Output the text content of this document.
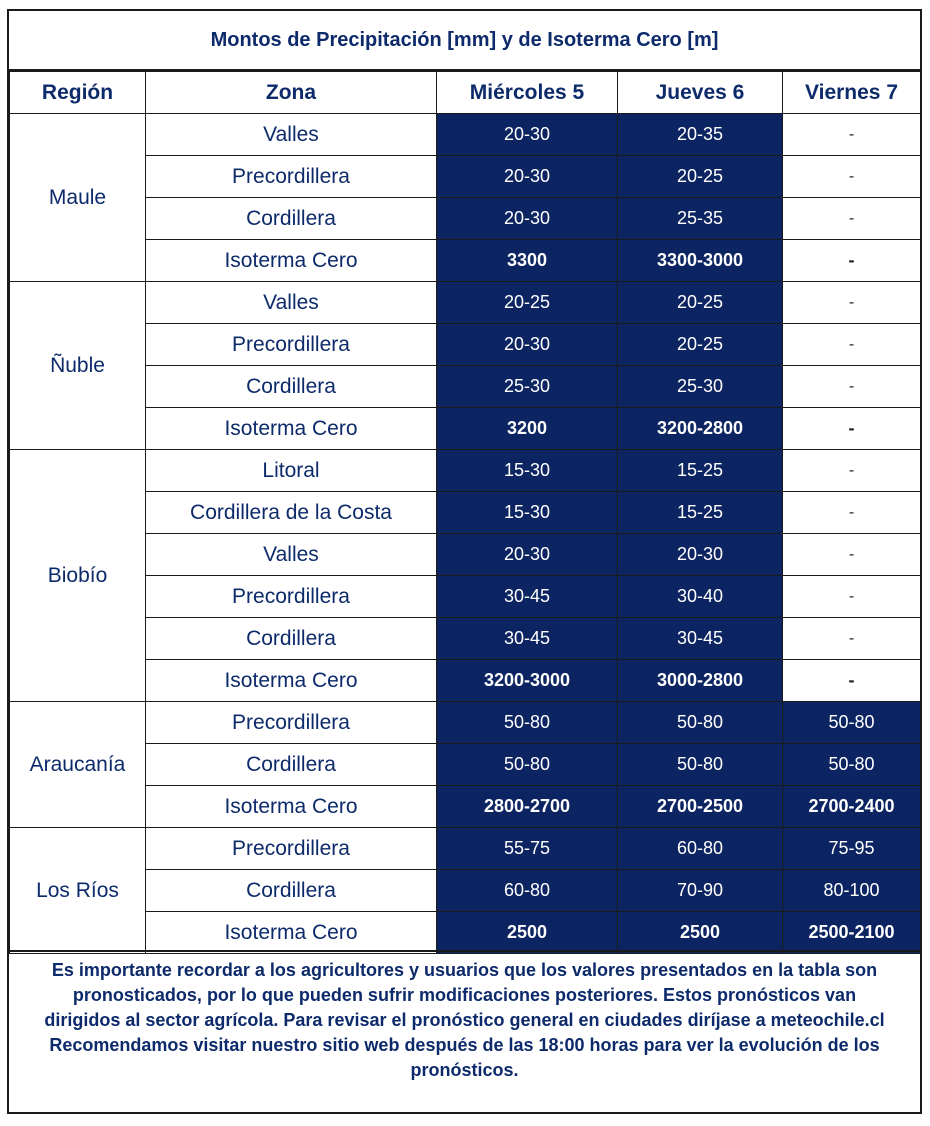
Montos de Precipitación [mm] y de Isoterma Cero [m]
Región	Zona	Miércoles 5	Jueves 6	Viernes 7
Maule	Valles	20-30	20-35	-
	Precordillera	20-30	20-25	-
	Cordillera	20-30	25-35	-
	Isoterma Cero	3300	3300-3000	-
Ñuble	Valles	20-25	20-25	-
	Precordillera	20-30	20-25	-
	Cordillera	25-30	25-30	-
	Isoterma Cero	3200	3200-2800	-
Biobío	Litoral	15-30	15-25	-
	Cordillera de la Costa	15-30	15-25	-
	Valles	20-30	20-30	-
	Precordillera	30-45	30-40	-
	Cordillera	30-45	30-45	-
	Isoterma Cero	3200-3000	3000-2800	-
Araucanía	Precordillera	50-80	50-80	50-80
	Cordillera	50-80	50-80	50-80
	Isoterma Cero	2800-2700	2700-2500	2700-2400
Los Ríos	Precordillera	55-75	60-80	75-95
	Cordillera	60-80	70-90	80-100
	Isoterma Cero	2500	2500	2500-2100

Es importante recordar a los agricultores y usuarios que los valores presentados en la tabla son pronosticados, por lo que pueden sufrir modificaciones posteriores. Estos pronósticos van dirigidos al sector agrícola. Para revisar el pronóstico general en ciudades diríjase a meteochile.cl

Recomendamos visitar nuestro sitio web después de las 18:00 horas para ver la evolución de los pronósticos.
